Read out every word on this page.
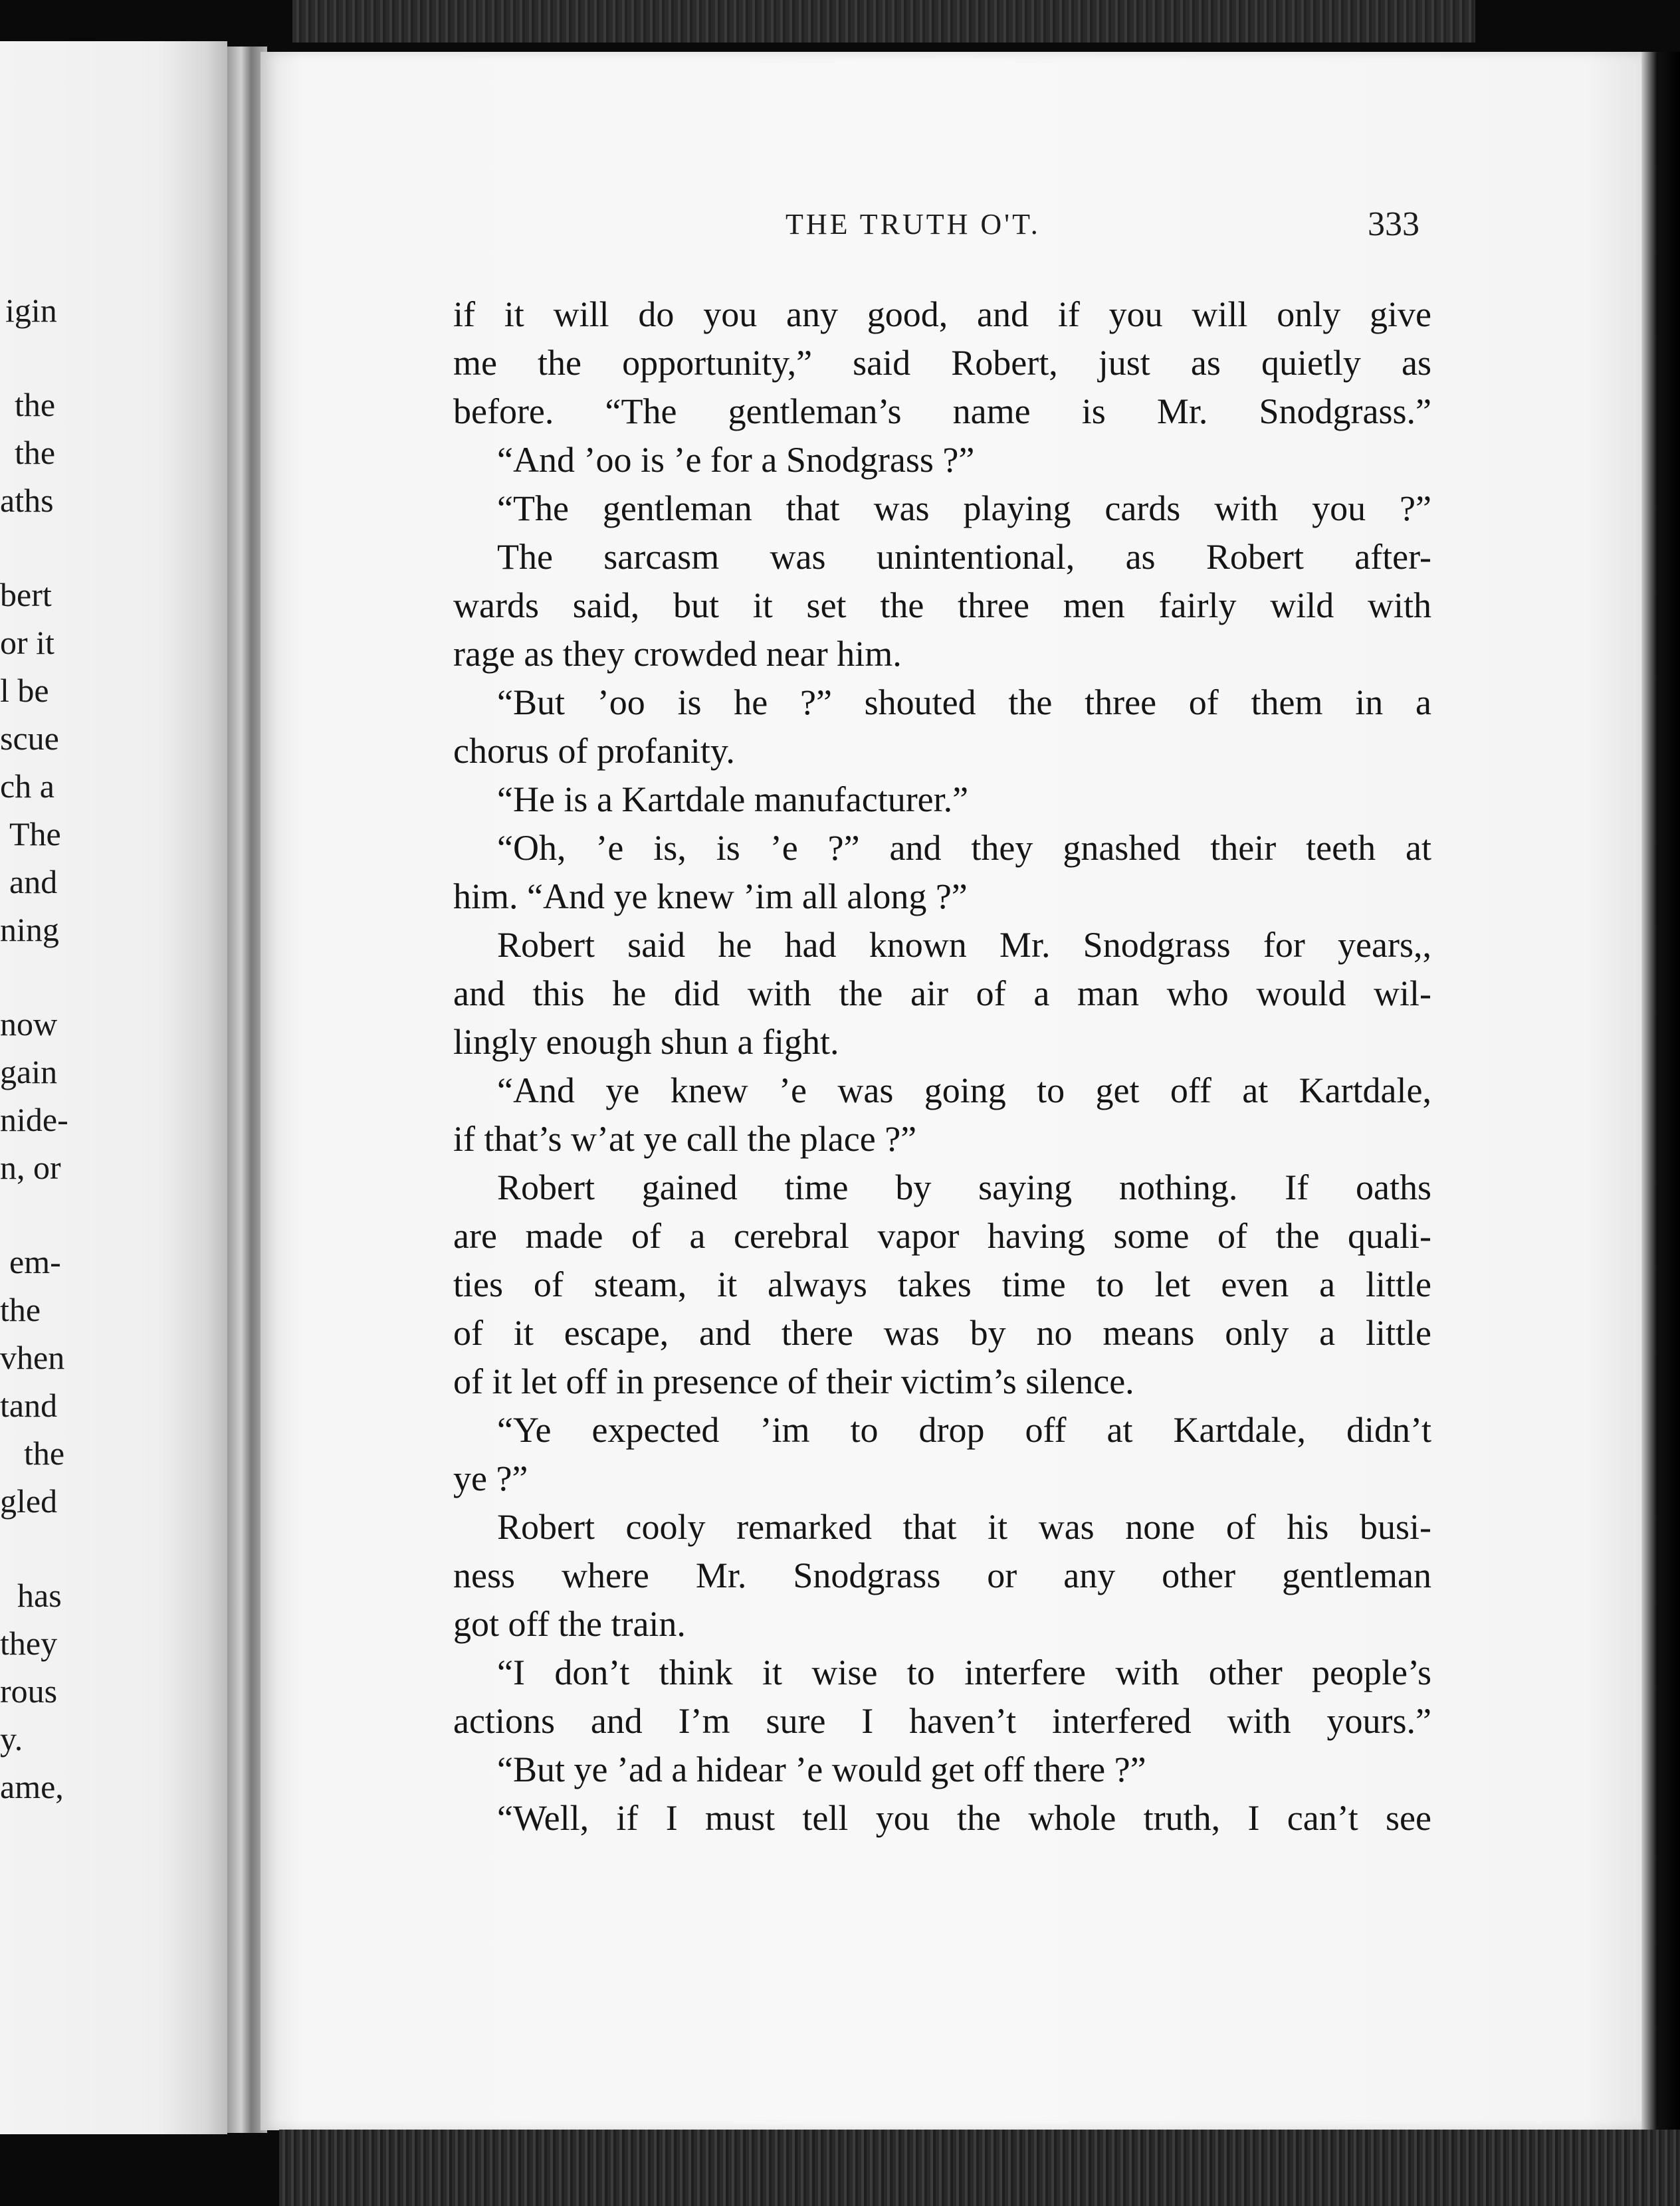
igin
the
the
aths
bert
or it
l be
scue
ch a
The
and
ning
now
gain
nide-
n, or
em-
the
vhen
tand
the
gled
has
they
rous
y.
ame,
THE TRUTH O'T.	333
if it will do you any good, and if you will only give
me the opportunity,” said Robert, just as quietly as
before. “The gentleman’s name is Mr. Snodgrass.”
“And ’oo is ’e for a Snodgrass ?”
“The gentleman that was playing cards with you ?”
The sarcasm was unintentional, as Robert after-
wards said, but it set the three men fairly wild with
rage as they crowded near him.
“But ’oo is he ?” shouted the three of them in a
chorus of profanity.
“He is a Kartdale manufacturer.”
“Oh, ’e is, is ’e ?” and they gnashed their teeth at
him. “And ye knew ’im all along ?”
Robert said he had known Mr. Snodgrass for years,,
and this he did with the air of a man who would wil-
lingly enough shun a fight.
“And ye knew ’e was going to get off at Kartdale,
if that’s w’at ye call the place ?”
Robert gained time by saying nothing. If oaths
are made of a cerebral vapor having some of the quali-
ties of steam, it always takes time to let even a little
of it escape, and there was by no means only a little
of it let off in presence of their victim’s silence.
“Ye expected ’im to drop off at Kartdale, didn’t
ye ?”
Robert cooly remarked that it was none of his busi-
ness where Mr. Snodgrass or any other gentleman
got off the train.
“I don’t think it wise to interfere with other people’s
actions and I’m sure I haven’t interfered with yours.”
“But ye ’ad a hidear ’e would get off there ?”
“Well, if I must tell you the whole truth, I can’t see
